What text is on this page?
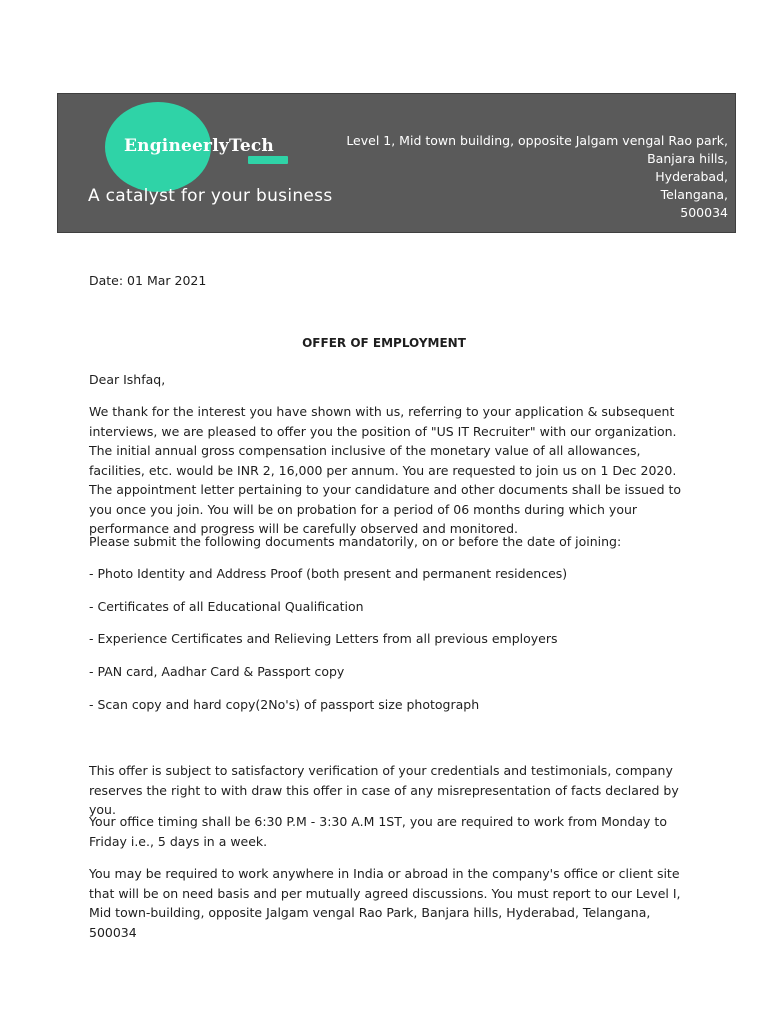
EngineerlyTech
A catalyst for your business
Level 1, Mid town building, opposite Jalgam vengal Rao park,
Banjara hills,
Hyderabad,
Telangana,
500034
Date: 01 Mar 2021
OFFER OF EMPLOYMENT
Dear Ishfaq,
We thank for the interest you have shown with us, referring to your application & subsequent interviews, we are pleased to offer you the position of "US IT Recruiter" with our organization. The initial annual gross compensation inclusive of the monetary value of all allowances, facilities, etc. would be INR 2, 16,000 per annum. You are requested to join us on 1 Dec 2020. The appointment letter pertaining to your candidature and other documents shall be issued to you once you join. You will be on probation for a period of 06 months during which your performance and progress will be carefully observed and monitored.
Please submit the following documents mandatorily, on or before the date of joining:
- Photo Identity and Address Proof (both present and permanent residences)
- Certificates of all Educational Qualification
- Experience Certificates and Relieving Letters from all previous employers
- PAN card, Aadhar Card & Passport copy
- Scan copy and hard copy(2No's) of passport size photograph
This offer is subject to satisfactory verification of your credentials and testimonials, company reserves the right to with draw this offer in case of any misrepresentation of facts declared by you.
Your office timing shall be 6:30 P.M - 3:30 A.M 1ST, you are required to work from Monday to Friday i.e., 5 days in a week.
You may be required to work anywhere in India or abroad in the company's office or client site that will be on need basis and per mutually agreed discussions. You must report to our Level I, Mid town-building, opposite Jalgam vengal Rao Park, Banjara hills, Hyderabad, Telangana, 500034
